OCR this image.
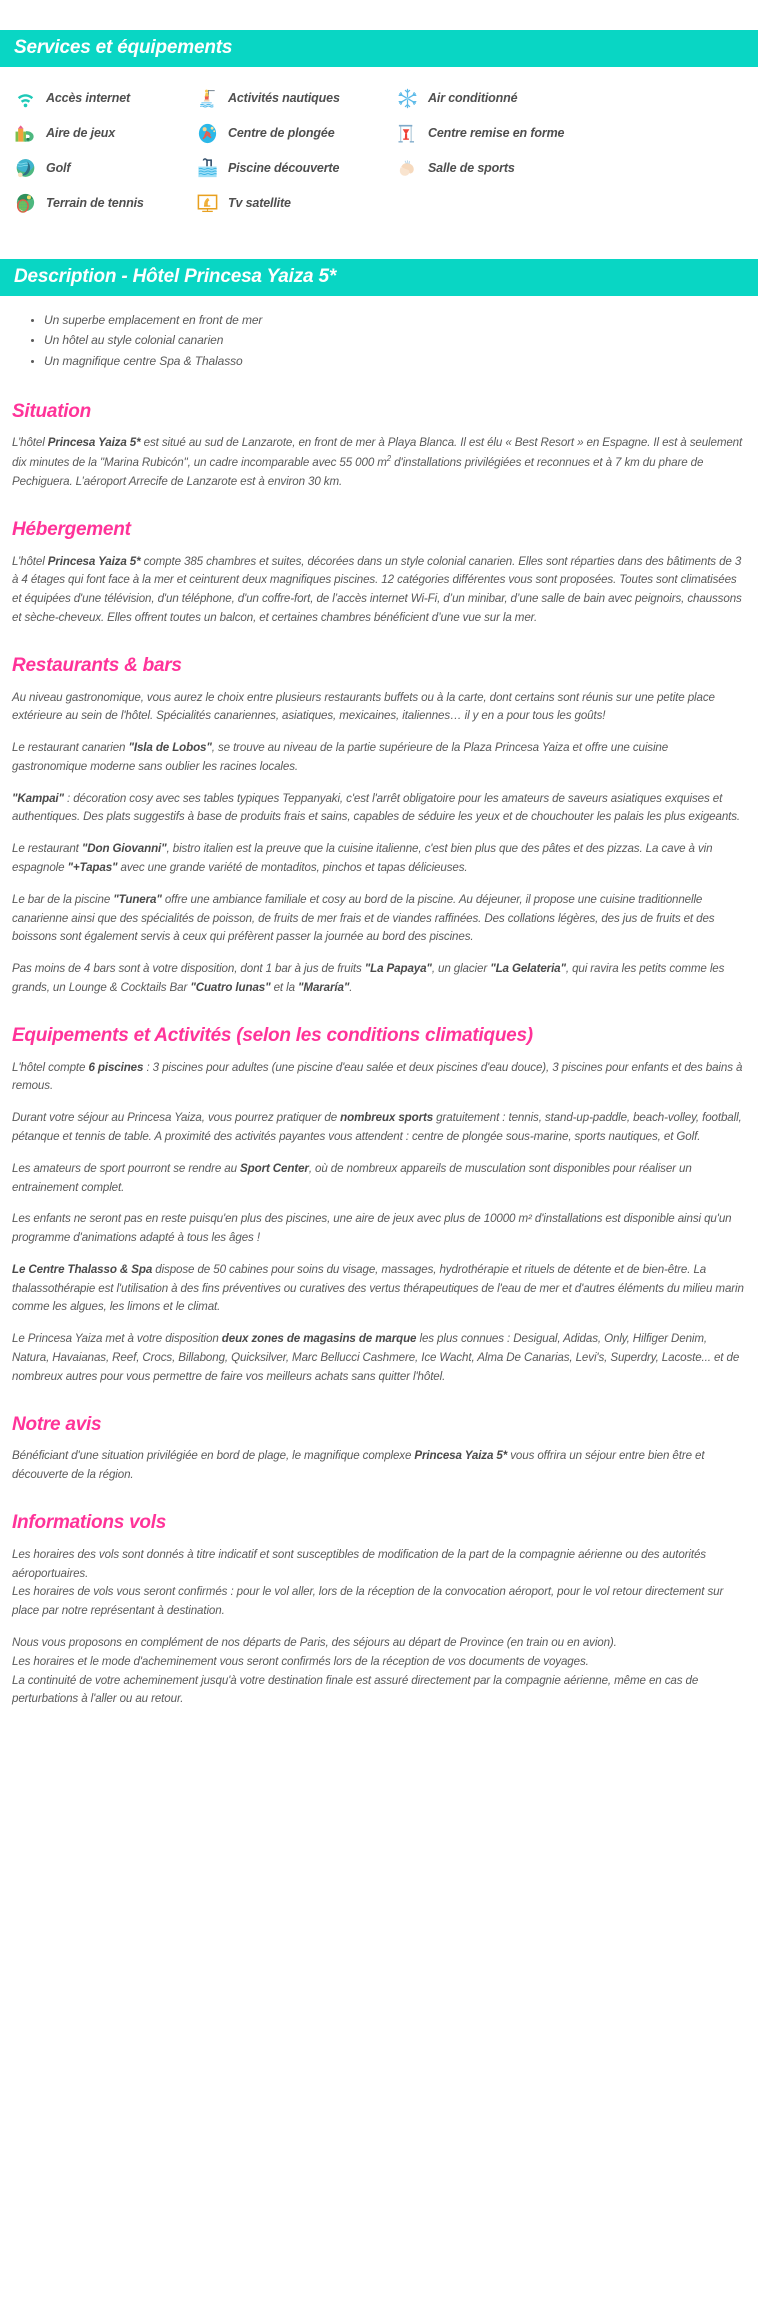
Services et équipements
Accès internet	Activités nautiques	Air conditionné
Aire de jeux	Centre de plongée	Centre remise en forme
Golf	Piscine découverte	Salle de sports
Terrain de tennis	Tv satellite
Description - Hôtel Princesa Yaiza 5*
• Un superbe emplacement en front de mer
• Un hôtel au style colonial canarien
• Un magnifique centre Spa & Thalasso
Situation

L’hôtel Princesa Yaiza 5* est situé au sud de Lanzarote, en front de mer à Playa Blanca. Il est élu « Best Resort » en Espagne. Il est à seulement dix minutes de la "Marina Rubicón", un cadre incomparable avec 55 000 $m^2$ d'installations privilégiées et reconnues et à 7 km du phare de Pechiguera. L’aéroport Arrecife de Lanzarote est à environ 30 km.

Hébergement

L’hôtel Princesa Yaiza 5* compte 385 chambres et suites, décorées dans un style colonial canarien. Elles sont réparties dans des bâtiments de 3 à 4 étages qui font face à la mer et ceinturent deux magnifiques piscines. 12 catégories différentes vous sont proposées. Toutes sont climatisées et équipées d'une télévision, d'un téléphone, d'un coffre-fort, de l’accès internet Wi-Fi, d’un minibar, d’une salle de bain avec peignoirs, chaussons et sèche-cheveux. Elles offrent toutes un balcon, et certaines chambres bénéficient d’une vue sur la mer.

Restaurants & bars

Au niveau gastronomique, vous aurez le choix entre plusieurs restaurants buffets ou à la carte, dont certains sont réunis sur une petite place extérieure au sein de l'hôtel. Spécialités canariennes, asiatiques, mexicaines, italiennes… il y en a pour tous les goûts!

Le restaurant canarien "Isla de Lobos", se trouve au niveau de la partie supérieure de la Plaza Princesa Yaiza et offre une cuisine gastronomique moderne sans oublier les racines locales.

"Kampai" : décoration cosy avec ses tables typiques Teppanyaki, c'est l'arrêt obligatoire pour les amateurs de saveurs asiatiques exquises et authentiques. Des plats suggestifs à base de produits frais et sains, capables de séduire les yeux et de chouchouter les palais les plus exigeants.

Le restaurant "Don Giovanni", bistro italien est la preuve que la cuisine italienne, c'est bien plus que des pâtes et des pizzas. La cave à vin espagnole "+Tapas" avec une grande variété de montaditos, pinchos et tapas délicieuses.

Le bar de la piscine "Tunera" offre une ambiance familiale et cosy au bord de la piscine. Au déjeuner, il propose une cuisine traditionnelle canarienne ainsi que des spécialités de poisson, de fruits de mer frais et de viandes raffinées. Des collations légères, des jus de fruits et des boissons sont également servis à ceux qui préfèrent passer la journée au bord des piscines.

Pas moins de 4 bars sont à votre disposition, dont 1 bar à jus de fruits "La Papaya", un glacier "La Gelateria", qui ravira les petits comme les grands, un Lounge & Cocktails Bar "Cuatro lunas" et la "Mararía".

Equipements et Activités (selon les conditions climatiques)

L'hôtel compte 6 piscines : 3 piscines pour adultes (une piscine d'eau salée et deux piscines d'eau douce), 3 piscines pour enfants et des bains à remous.

Durant votre séjour au Princesa Yaiza, vous pourrez pratiquer de nombreux sports gratuitement : tennis, stand-up-paddle, beach-volley, football, pétanque et tennis de table. A proximité des activités payantes vous attendent : centre de plongée sous-marine, sports nautiques, et Golf.

Les amateurs de sport pourront se rendre au Sport Center, où de nombreux appareils de musculation sont disponibles pour réaliser un entrainement complet.

Les enfants ne seront pas en reste puisqu'en plus des piscines, une aire de jeux avec plus de 10000 m² d'installations est disponible ainsi qu'un programme d'animations adapté à tous les âges !

Le Centre Thalasso & Spa dispose de 50 cabines pour soins du visage, massages, hydrothérapie et rituels de détente et de bien-être. La thalassothérapie est l'utilisation à des fins préventives ou curatives des vertus thérapeutiques de l'eau de mer et d'autres éléments du milieu marin comme les algues, les limons et le climat.

Le Princesa Yaiza met à votre disposition deux zones de magasins de marque les plus connues : Desigual, Adidas, Only, Hilfiger Denim, Natura, Havaianas, Reef, Crocs, Billabong, Quicksilver, Marc Bellucci Cashmere, Ice Wacht, Alma De Canarias, Levi's, Superdry, Lacoste... et de nombreux autres pour vous permettre de faire vos meilleurs achats sans quitter l'hôtel.

Notre avis

Bénéficiant d'une situation privilégiée en bord de plage, le magnifique complexe Princesa Yaiza 5* vous offrira un séjour entre bien être et découverte de la région.

Informations vols

Les horaires des vols sont donnés à titre indicatif et sont susceptibles de modification de la part de la compagnie aérienne ou des autorités aéroportuaires.
Les horaires de vols vous seront confirmés : pour le vol aller, lors de la réception de la convocation aéroport, pour le vol retour directement sur place par notre représentant à destination.

Nous vous proposons en complément de nos départs de Paris, des séjours au départ de Province (en train ou en avion).
Les horaires et le mode d'acheminement vous seront confirmés lors de la réception de vos documents de voyages.
La continuité de votre acheminement jusqu'à votre destination finale est assuré directement par la compagnie aérienne, même en cas de perturbations à l'aller ou au retour.
